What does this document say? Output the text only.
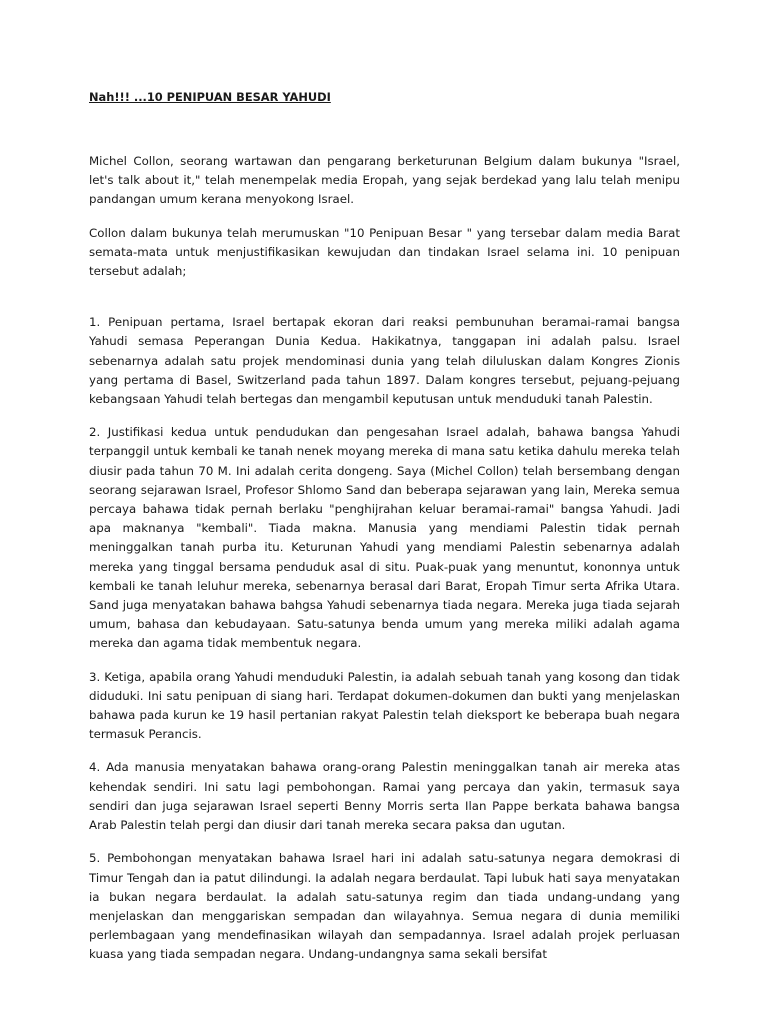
Nah!!! ...10 PENIPUAN BESAR YAHUDI

Michel Collon, seorang wartawan dan pengarang berketurunan Belgium dalam bukunya "Israel, let's talk about it," telah menempelak media Eropah, yang sejak berdekad yang lalu telah menipu pandangan umum kerana menyokong Israel.

Collon dalam bukunya telah merumuskan "10 Penipuan Besar " yang tersebar dalam media Barat semata-mata untuk menjustifikasikan kewujudan dan tindakan Israel selama ini. 10 penipuan tersebut adalah;

1. Penipuan pertama, Israel bertapak ekoran dari reaksi pembunuhan beramai-ramai bangsa Yahudi semasa Peperangan Dunia Kedua. Hakikatnya, tanggapan ini adalah palsu. Israel sebenarnya adalah satu projek mendominasi dunia yang telah diluluskan dalam Kongres Zionis yang pertama di Basel, Switzerland pada tahun 1897. Dalam kongres tersebut, pejuang-pejuang kebangsaan Yahudi telah bertegas dan mengambil keputusan untuk menduduki tanah Palestin.

2. Justifikasi kedua untuk pendudukan dan pengesahan Israel adalah, bahawa bangsa Yahudi terpanggil untuk kembali ke tanah nenek moyang mereka di mana satu ketika dahulu mereka telah diusir pada tahun 70 M. Ini adalah cerita dongeng. Saya (Michel Collon) telah bersembang dengan seorang sejarawan Israel, Profesor Shlomo Sand dan beberapa sejarawan yang lain, Mereka semua percaya bahawa tidak pernah berlaku "penghijrahan keluar beramai-ramai" bangsa Yahudi. Jadi apa maknanya "kembali". Tiada makna. Manusia yang mendiami Palestin tidak pernah meninggalkan tanah purba itu. Keturunan Yahudi yang mendiami Palestin sebenarnya adalah mereka yang tinggal bersama penduduk asal di situ. Puak-puak yang menuntut, kononnya untuk kembali ke tanah leluhur mereka, sebenarnya berasal dari Barat, Eropah Timur serta Afrika Utara. Sand juga menyatakan bahawa bahgsa Yahudi sebenarnya tiada negara. Mereka juga tiada sejarah umum, bahasa dan kebudayaan. Satu-satunya benda umum yang mereka miliki adalah agama mereka dan agama tidak membentuk negara.

3. Ketiga, apabila orang Yahudi menduduki Palestin, ia adalah sebuah tanah yang kosong dan tidak diduduki. Ini satu penipuan di siang hari. Terdapat dokumen-dokumen dan bukti yang menjelaskan bahawa pada kurun ke 19 hasil pertanian rakyat Palestin telah dieksport ke beberapa buah negara termasuk Perancis.

4. Ada manusia menyatakan bahawa orang-orang Palestin meninggalkan tanah air mereka atas kehendak sendiri. Ini satu lagi pembohongan. Ramai yang percaya dan yakin, termasuk saya sendiri dan juga sejarawan Israel seperti Benny Morris serta Ilan Pappe berkata bahawa bangsa Arab Palestin telah pergi dan diusir dari tanah mereka secara paksa dan ugutan.

5. Pembohongan menyatakan bahawa Israel hari ini adalah satu-satunya negara demokrasi di Timur Tengah dan ia patut dilindungi. Ia adalah negara berdaulat. Tapi lubuk hati saya menyatakan ia bukan negara berdaulat. Ia adalah satu-satunya regim dan tiada undang-undang yang menjelaskan dan menggariskan sempadan dan wilayahnya. Semua negara di dunia memiliki perlembagaan yang mendefinasikan wilayah dan sempadannya. Israel adalah projek perluasan kuasa yang tiada sempadan negara. Undang-undangnya sama sekali bersifat
